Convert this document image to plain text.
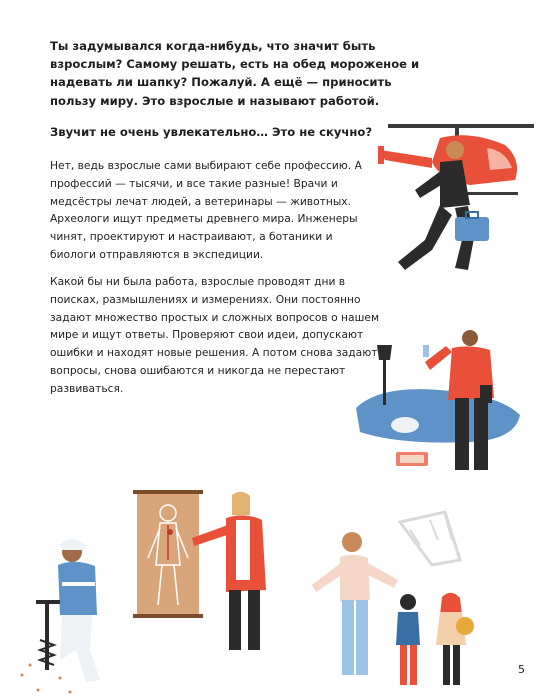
Ты задумывался когда-нибудь, что значит быть взрослым? Самому решать, есть на обед мороженое и надевать ли шапку? Пожалуй. А ещё — приносить пользу миру. Это взрослые и называют работой.

Звучит не очень увлекательно… Это не скучно?

Нет, ведь взрослые сами выбирают себе профессию. А профессий — тысячи, и все такие разные! Врачи и медсёстры лечат людей, а ветеринары — животных. Археологи ищут предметы древнего мира. Инженеры чинят, проектируют и настраивают, а ботаники и биологи отправляются в экспедиции.

Какой бы ни была работа, взрослые проводят дни в поисках, размышлениях и измерениях. Они постоянно задают множество простых и сложных вопросов о нашем мире и ищут ответы. Проверяют свои идеи, допускают ошибки и находят новые решения. А потом снова задают вопросы, снова ошибаются и никогда не перестают развиваться.

5
